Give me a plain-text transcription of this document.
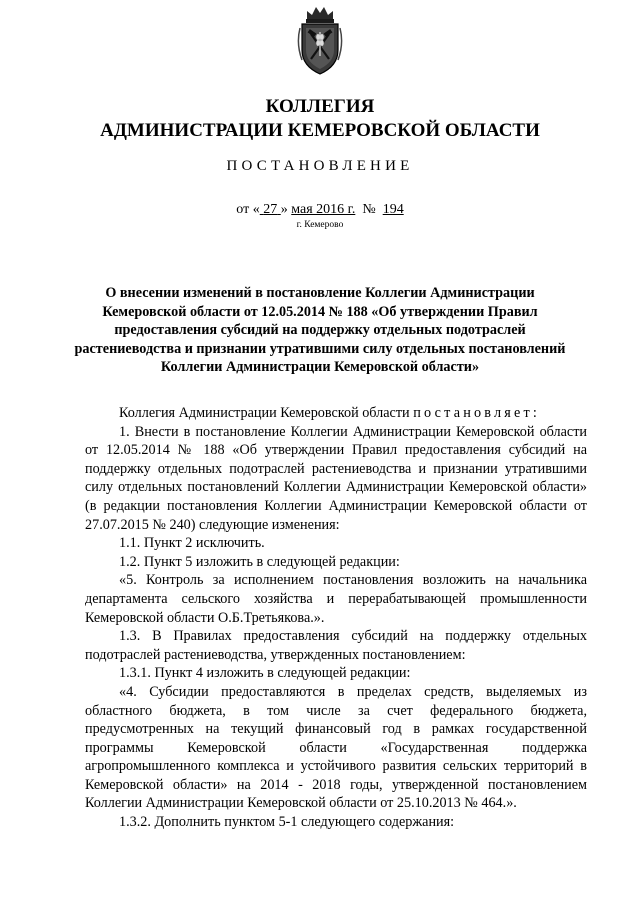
КОЛЛЕГИЯ
АДМИНИСТРАЦИИ КЕМЕРОВСКОЙ ОБЛАСТИ
ПОСТАНОВЛЕНИЕ
от « 27 » мая 2016 г. № 194
г. Кемерово
О внесении изменений в постановление Коллегии Администрации Кемеровской области от 12.05.2014 № 188 «Об утверждении Правил предоставления субсидий на поддержку отдельных подотраслей растениеводства и признании утратившими силу отдельных постановлений Коллегии Администрации Кемеровской области»

Коллегия Администрации Кемеровской области постановляет:

1. Внести в постановление Коллегии Администрации Кемеровской области от 12.05.2014 № 188 «Об утверждении Правил предоставления субсидий на поддержку отдельных подотраслей растениеводства и признании утратившими силу отдельных постановлений Коллегии Администрации Кемеровской области» (в редакции постановления Коллегии Администрации Кемеровской области от 27.07.2015 № 240) следующие изменения:

1.1. Пункт 2 исключить.

1.2. Пункт 5 изложить в следующей редакции:

«5. Контроль за исполнением постановления возложить на начальника департамента сельского хозяйства и перерабатывающей промышленности Кемеровской области О.Б.Третьякова.».

1.3. В Правилах предоставления субсидий на поддержку отдельных подотраслей растениеводства, утвержденных постановлением:

1.3.1. Пункт 4 изложить в следующей редакции:

«4. Субсидии предоставляются в пределах средств, выделяемых из областного бюджета, в том числе за счет федерального бюджета, предусмотренных на текущий финансовый год в рамках государственной программы Кемеровской области «Государственная поддержка агропромышленного комплекса и устойчивого развития сельских территорий в Кемеровской области» на 2014 - 2018 годы, утвержденной постановлением Коллегии Администрации Кемеровской области от 25.10.2013 № 464.».

1.3.2. Дополнить пунктом 5-1 следующего содержания:
